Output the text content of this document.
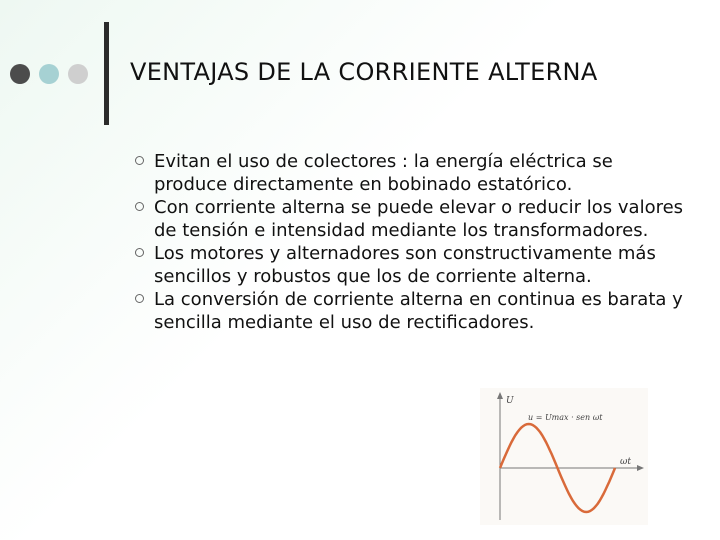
VENTAJAS DE LA CORRIENTE ALTERNA
Evitan el uso de colectores : la energía eléctrica se produce directamente en bobinado estatórico.
Con corriente alterna se puede elevar o reducir los valores de tensión e intensidad mediante los transformadores.
Los motores y alternadores son constructivamente más sencillos y robustos que los de corriente alterna.
La conversión de corriente alterna en continua es barata y sencilla mediante el uso de rectificadores.
U
ωt
u = Umax · sen ωt
